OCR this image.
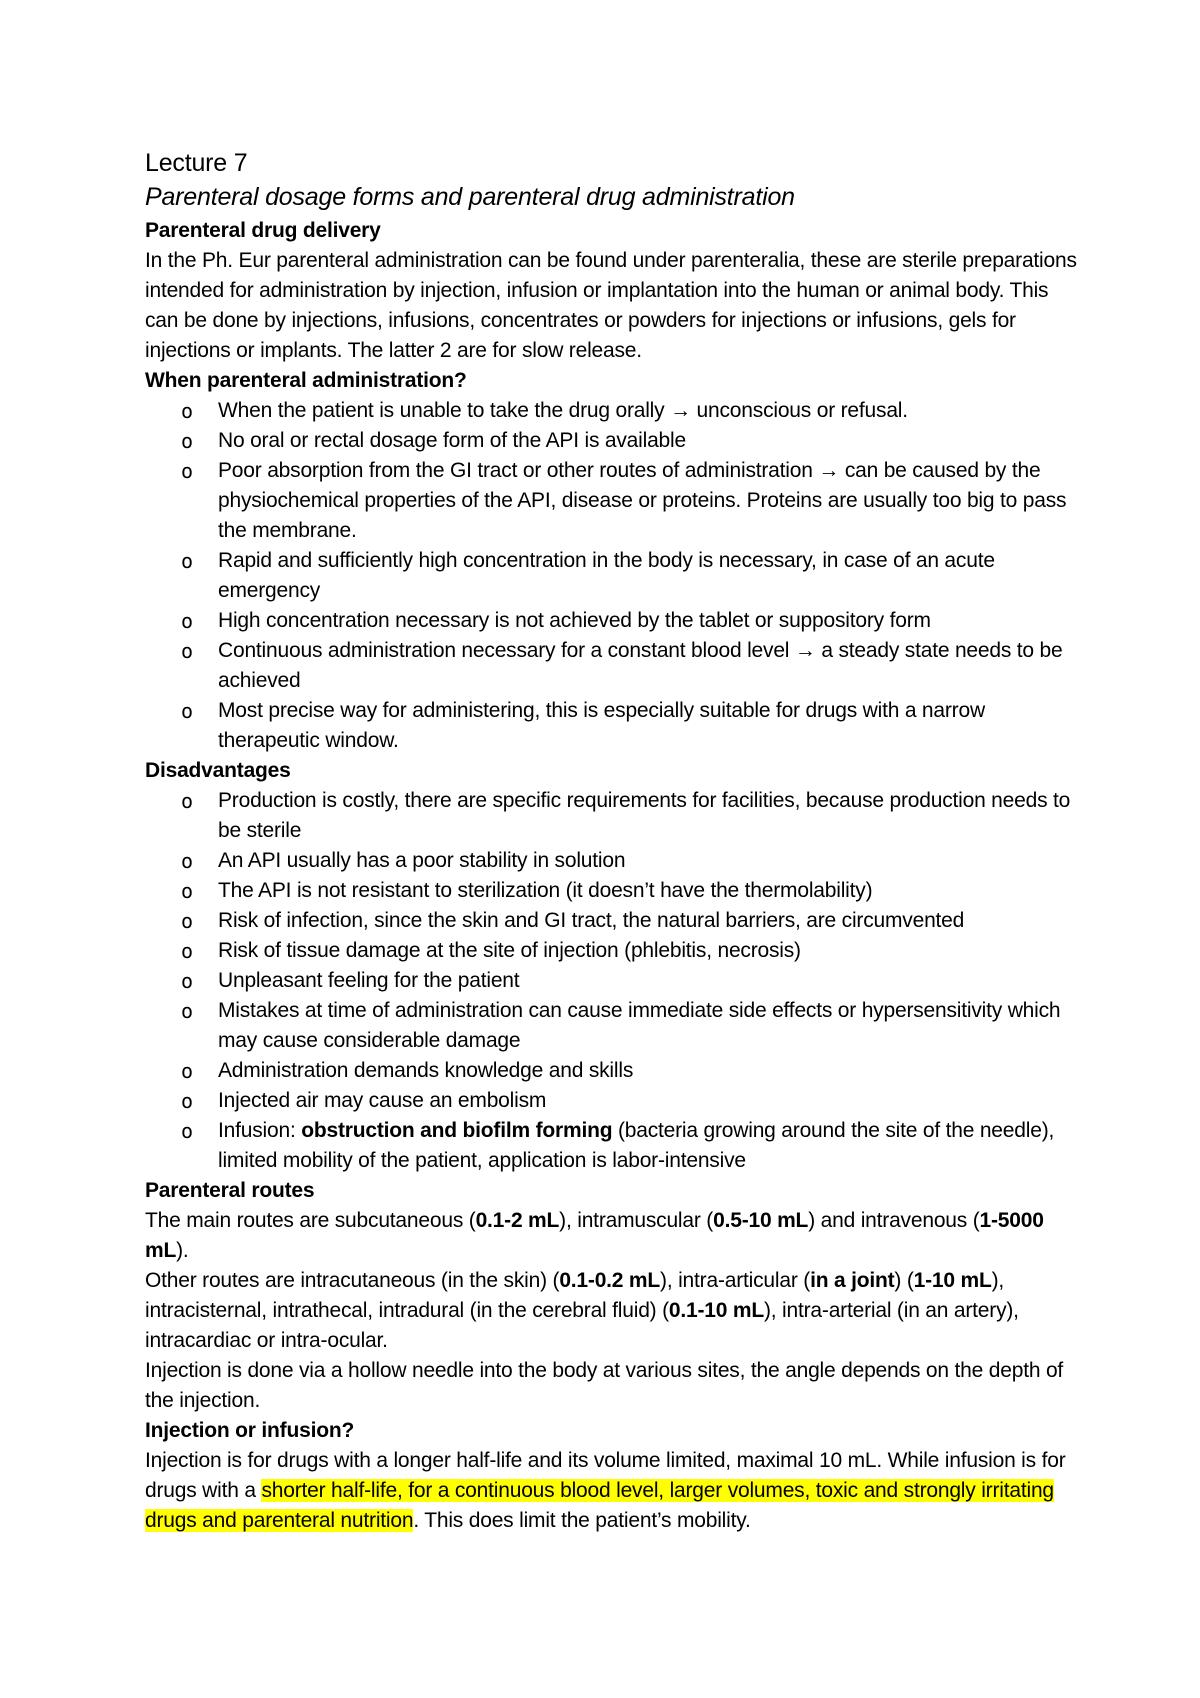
Lecture 7

Parenteral dosage forms and parenteral drug administration

Parenteral drug delivery

In the Ph. Eur parenteral administration can be found under parenteralia, these are sterile preparations intended for administration by injection, infusion or implantation into the human or animal body. This can be done by injections, infusions, concentrates or powders for injections or infusions, gels for injections or implants. The latter 2 are for slow release.

When parenteral administration?

o When the patient is unable to take the drug orally → unconscious or refusal.
o No oral or rectal dosage form of the API is available
o Poor absorption from the GI tract or other routes of administration → can be caused by the physiochemical properties of the API, disease or proteins. Proteins are usually too big to pass the membrane.
o Rapid and sufficiently high concentration in the body is necessary, in case of an acute emergency
o High concentration necessary is not achieved by the tablet or suppository form
o Continuous administration necessary for a constant blood level → a steady state needs to be achieved
o Most precise way for administering, this is especially suitable for drugs with a narrow therapeutic window.

Disadvantages

o Production is costly, there are specific requirements for facilities, because production needs to be sterile
o An API usually has a poor stability in solution
o The API is not resistant to sterilization (it doesn’t have the thermolability)
o Risk of infection, since the skin and GI tract, the natural barriers, are circumvented
o Risk of tissue damage at the site of injection (phlebitis, necrosis)
o Unpleasant feeling for the patient
o Mistakes at time of administration can cause immediate side effects or hypersensitivity which may cause considerable damage
o Administration demands knowledge and skills
o Injected air may cause an embolism
o Infusion: obstruction and biofilm forming (bacteria growing around the site of the needle), limited mobility of the patient, application is labor-intensive

Parenteral routes

The main routes are subcutaneous (0.1-2 mL), intramuscular (0.5-10 mL) and intravenous (1-5000 mL).

Other routes are intracutaneous (in the skin) (0.1-0.2 mL), intra-articular (in a joint) (1-10 mL), intracisternal, intrathecal, intradural (in the cerebral fluid) (0.1-10 mL), intra-arterial (in an artery), intracardiac or intra-ocular.

Injection is done via a hollow needle into the body at various sites, the angle depends on the depth of the injection.

Injection or infusion?

Injection is for drugs with a longer half-life and its volume limited, maximal 10 mL. While infusion is for drugs with a shorter half-life, for a continuous blood level, larger volumes, toxic and strongly irritating drugs and parenteral nutrition. This does limit the patient’s mobility.
